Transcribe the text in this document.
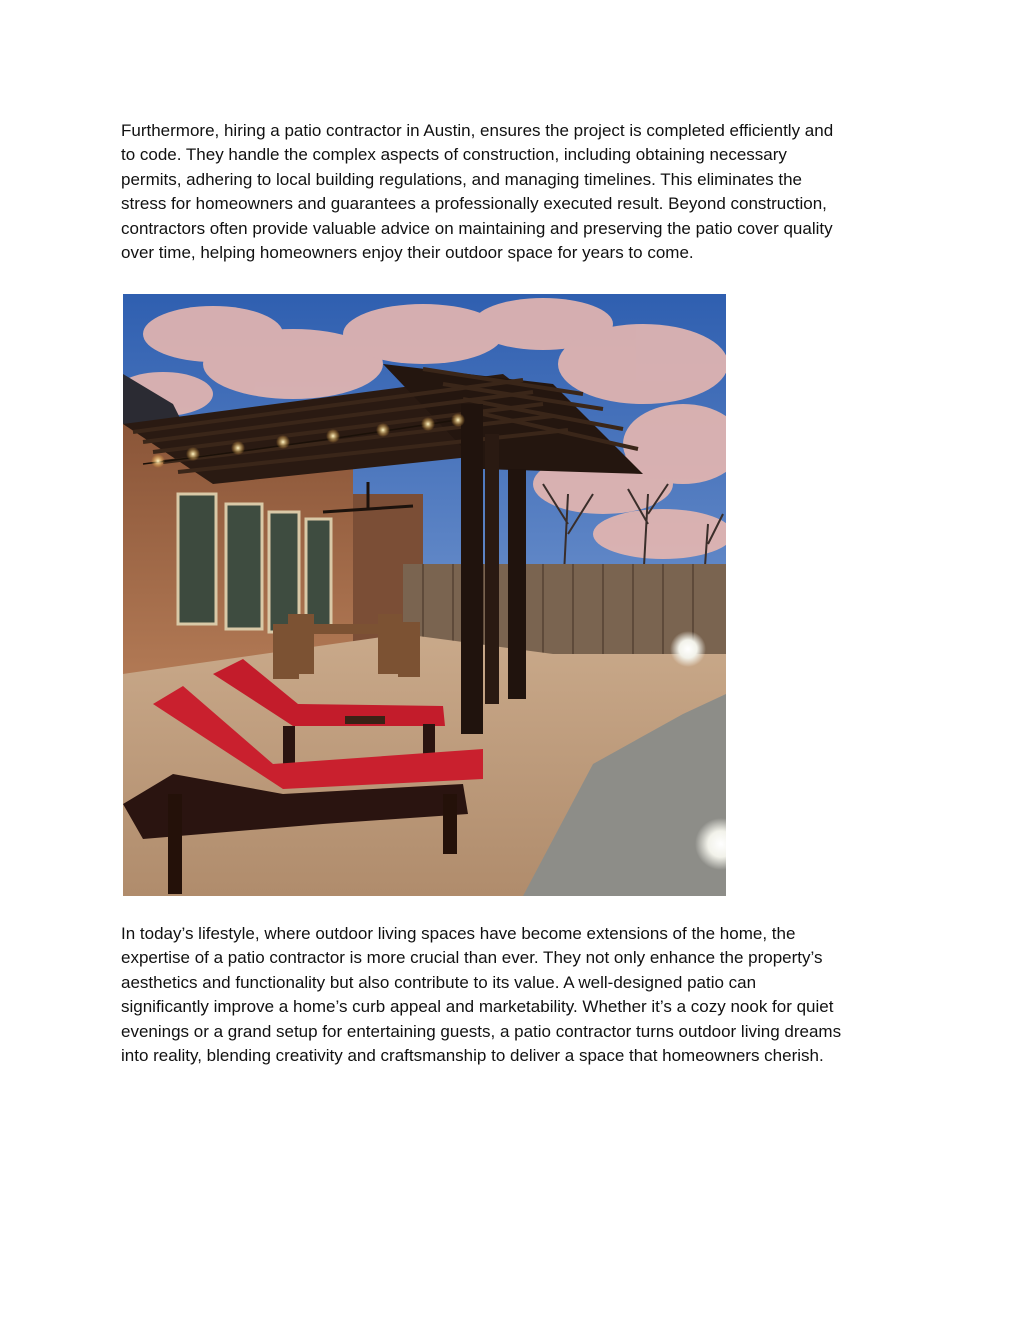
Furthermore, hiring a patio contractor in Austin, ensures the project is completed efficiently and
to code. They handle the complex aspects of construction, including obtaining necessary
permits, adhering to local building regulations, and managing timelines. This eliminates the
stress for homeowners and guarantees a professionally executed result. Beyond construction,
contractors often provide valuable advice on maintaining and preserving the patio cover quality
over time, helping homeowners enjoy their outdoor space for years to come.

In today’s lifestyle, where outdoor living spaces have become extensions of the home, the
expertise of a patio contractor is more crucial than ever. They not only enhance the property’s
aesthetics and functionality but also contribute to its value. A well-designed patio can
significantly improve a home’s curb appeal and marketability. Whether it’s a cozy nook for quiet
evenings or a grand setup for entertaining guests, a patio contractor turns outdoor living dreams
into reality, blending creativity and craftsmanship to deliver a space that homeowners cherish.
